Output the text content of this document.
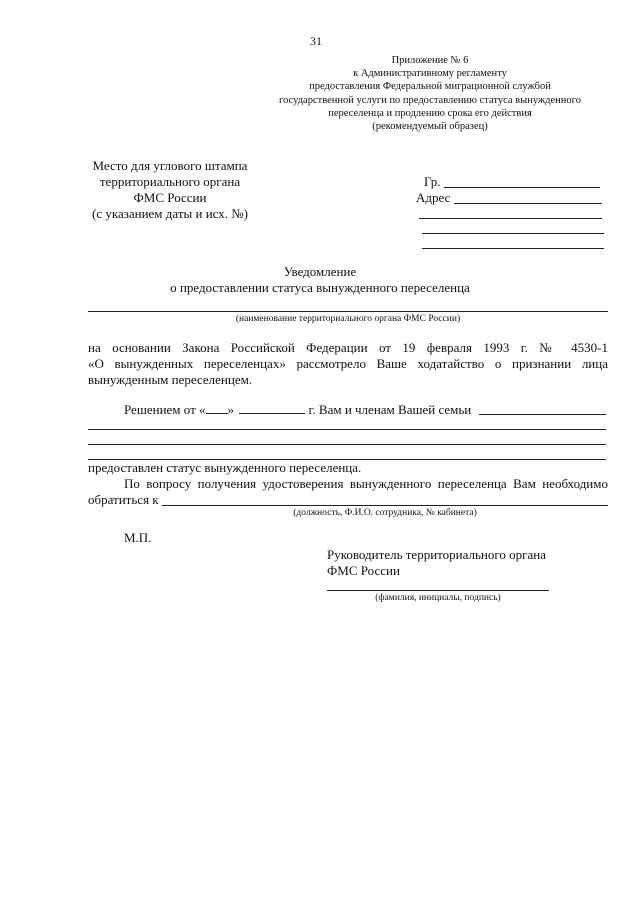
31
Приложение № 6
к Административному регламенту
предоставления Федеральной миграционной службой
государственной услуги по предоставлению статуса вынужденного
переселенца и продлению срока его действия
(рекомендуемый образец)
Место для углового штампа
территориального органа
ФМС России
(с указанием даты и исх. №)
Гр.
Адрес
Уведомление
о предоставлении статуса вынужденного переселенца
(наименование территориального органа ФМС России)
на основании Закона Российской Федерации от 19 февраля 1993 г. № 4530-1
«О вынужденных переселенцах» рассмотрело Ваше ходатайство о признании лица
вынужденным переселенцем.
Решением от « »	г. Вам и членам Вашей семьи
предоставлен статус вынужденного переселенца.
По вопросу получения удостоверения вынужденного переселенца Вам необходимо
обратиться к
(должность, Ф.И.О. сотрудника, № кабинета)
М.П.
Руководитель территориального органа
ФМС России
(фамилия, инициалы, подпись)
